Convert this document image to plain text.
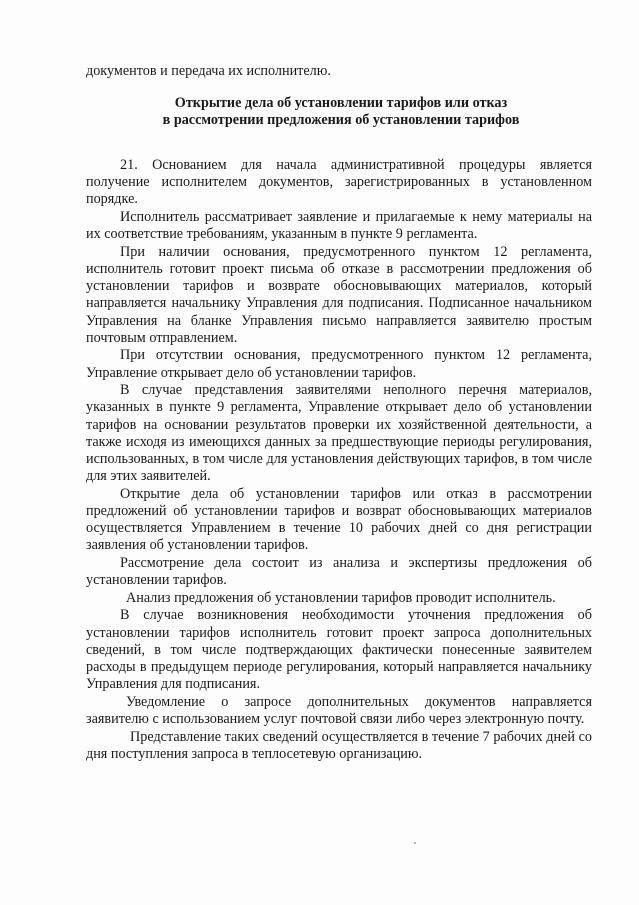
документов и передача их исполнителю.

Открытие дела об установлении тарифов или отказ
в рассмотрении предложения об установлении тарифов

21. Основанием для начала административной процедуры является получение исполнителем документов, зарегистрированных в установленном порядке.

Исполнитель рассматривает заявление и прилагаемые к нему материалы на их соответствие требованиям, указанным в пункте 9 регламента.

При наличии основания, предусмотренного пунктом 12 регламента, исполнитель готовит проект письма об отказе в рассмотрении предложения об установлении тарифов и возврате обосновывающих материалов, который направляется начальнику Управления для подписания. Подписанное начальником Управления на бланке Управления письмо направляется заявителю простым почтовым отправлением.

При отсутствии основания, предусмотренного пунктом 12 регламента, Управление открывает дело об установлении тарифов.

В случае представления заявителями неполного перечня материалов, указанных в пункте 9 регламента, Управление открывает дело об установлении тарифов на основании результатов проверки их хозяйственной деятельности, а также исходя из имеющихся данных за предшествующие периоды регулирования, использованных, в том числе для установления действующих тарифов, в том числе для этих заявителей.

Открытие дела об установлении тарифов или отказ в рассмотрении предложений об установлении тарифов и возврат обосновывающих материалов осуществляется Управлением в течение 10 рабочих дней со дня регистрации заявления об установлении тарифов.

Рассмотрение дела состоит из анализа и экспертизы предложения об установлении тарифов.

Анализ предложения об установлении тарифов проводит исполнитель.

В случае возникновения необходимости уточнения предложения об установлении тарифов исполнитель готовит проект запроса дополнительных сведений, в том числе подтверждающих фактически понесенные заявителем расходы в предыдущем периоде регулирования, который направляется начальнику Управления для подписания.

Уведомление о запросе дополнительных документов направляется заявителю с использованием услуг почтовой связи либо через электронную почту.

Представление таких сведений осуществляется в течение 7 рабочих дней со дня поступления запроса в теплосетевую организацию.
